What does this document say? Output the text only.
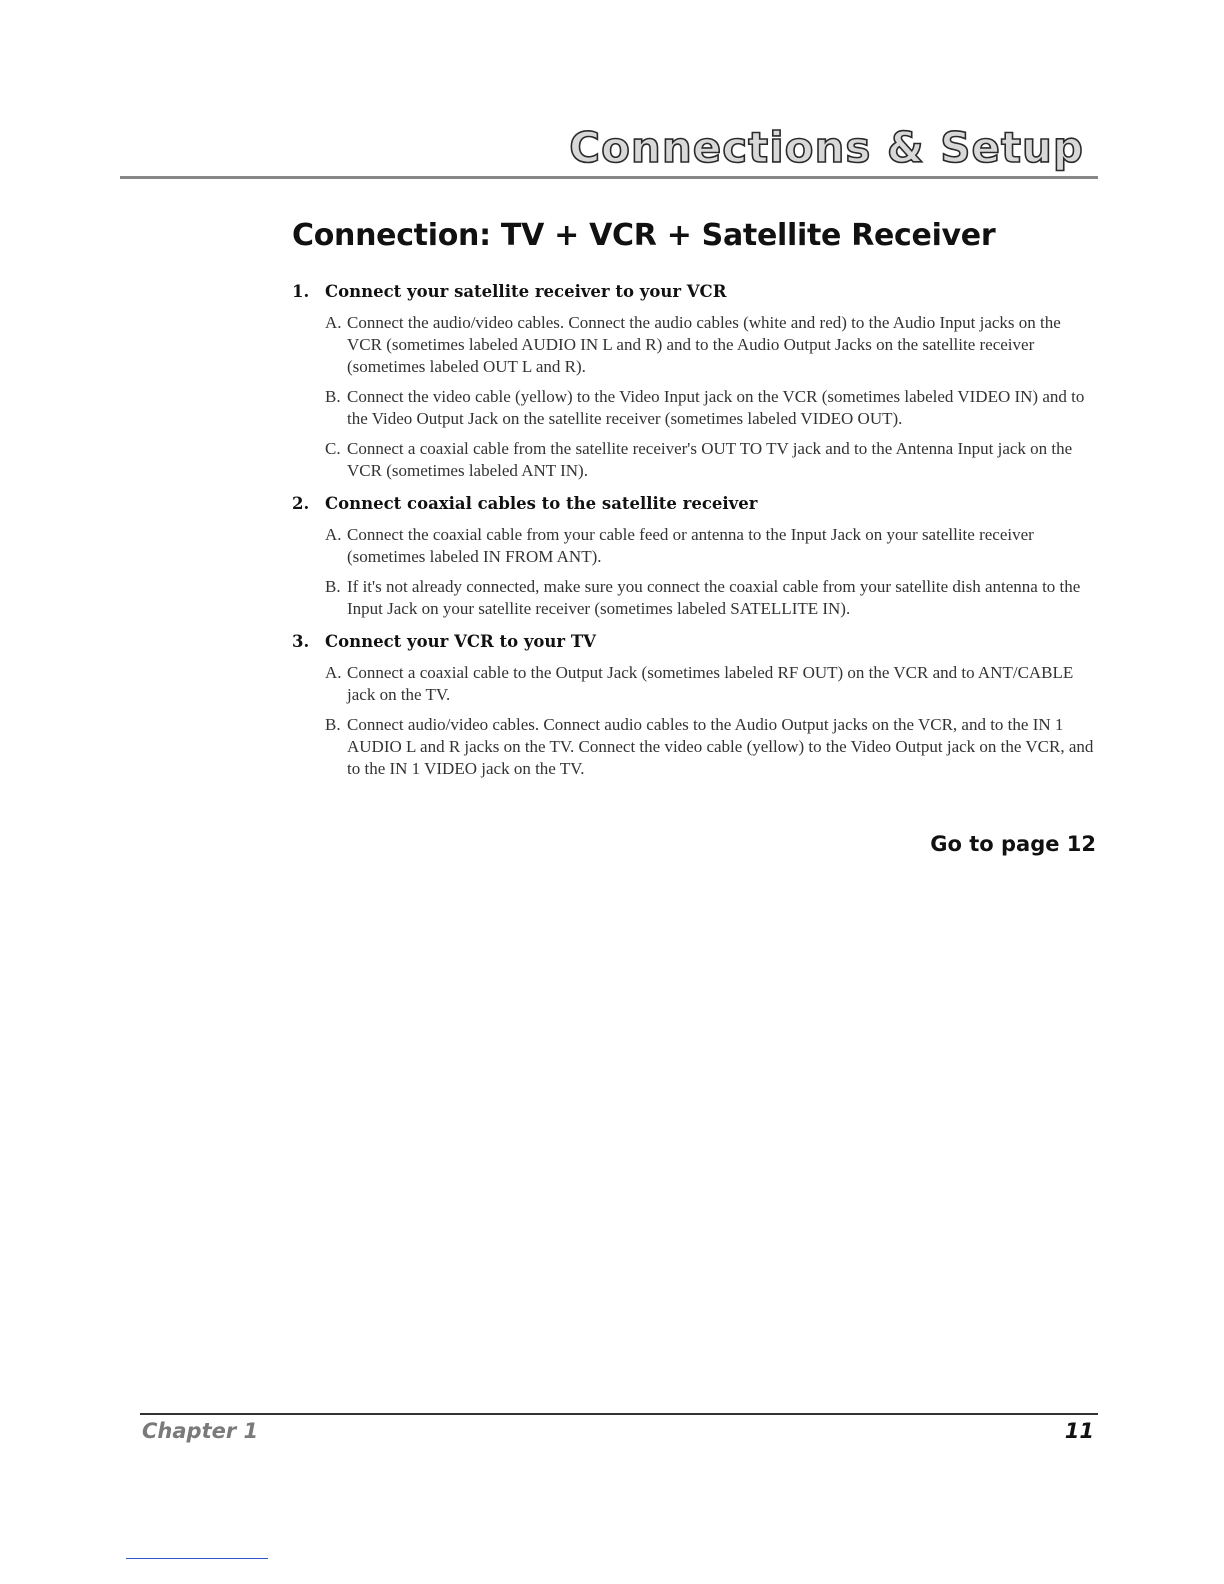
Connections & Setup
Connection: TV + VCR + Satellite Receiver
1. Connect your satellite receiver to your VCR

A. Connect the audio/video cables. Connect the audio cables (white and red) to the Audio Input jacks on the VCR (sometimes labeled AUDIO IN L and R) and to the Audio Output Jacks on the satellite receiver (sometimes labeled OUT L and R).

B. Connect the video cable (yellow) to the Video Input jack on the VCR (sometimes labeled VIDEO IN) and to the Video Output Jack on the satellite receiver (sometimes labeled VIDEO OUT).

C. Connect a coaxial cable from the satellite receiver's OUT TO TV jack and to the Antenna Input jack on the VCR (sometimes labeled ANT IN).

2. Connect coaxial cables to the satellite receiver

A. Connect the coaxial cable from your cable feed or antenna to the Input Jack on your satellite receiver (sometimes labeled IN FROM ANT).

B. If it's not already connected, make sure you connect the coaxial cable from your satellite dish antenna to the Input Jack on your satellite receiver (sometimes labeled SATELLITE IN).

3. Connect your VCR to your TV

A. Connect a coaxial cable to the Output Jack (sometimes labeled RF OUT) on the VCR and to ANT/CABLE jack on the TV.

B. Connect audio/video cables. Connect audio cables to the Audio Output jacks on the VCR, and to the IN 1 AUDIO L and R jacks on the TV. Connect the video cable (yellow) to the Video Output jack on the VCR, and to the IN 1 VIDEO jack on the TV.

Go to page 12
Chapter 1	11
